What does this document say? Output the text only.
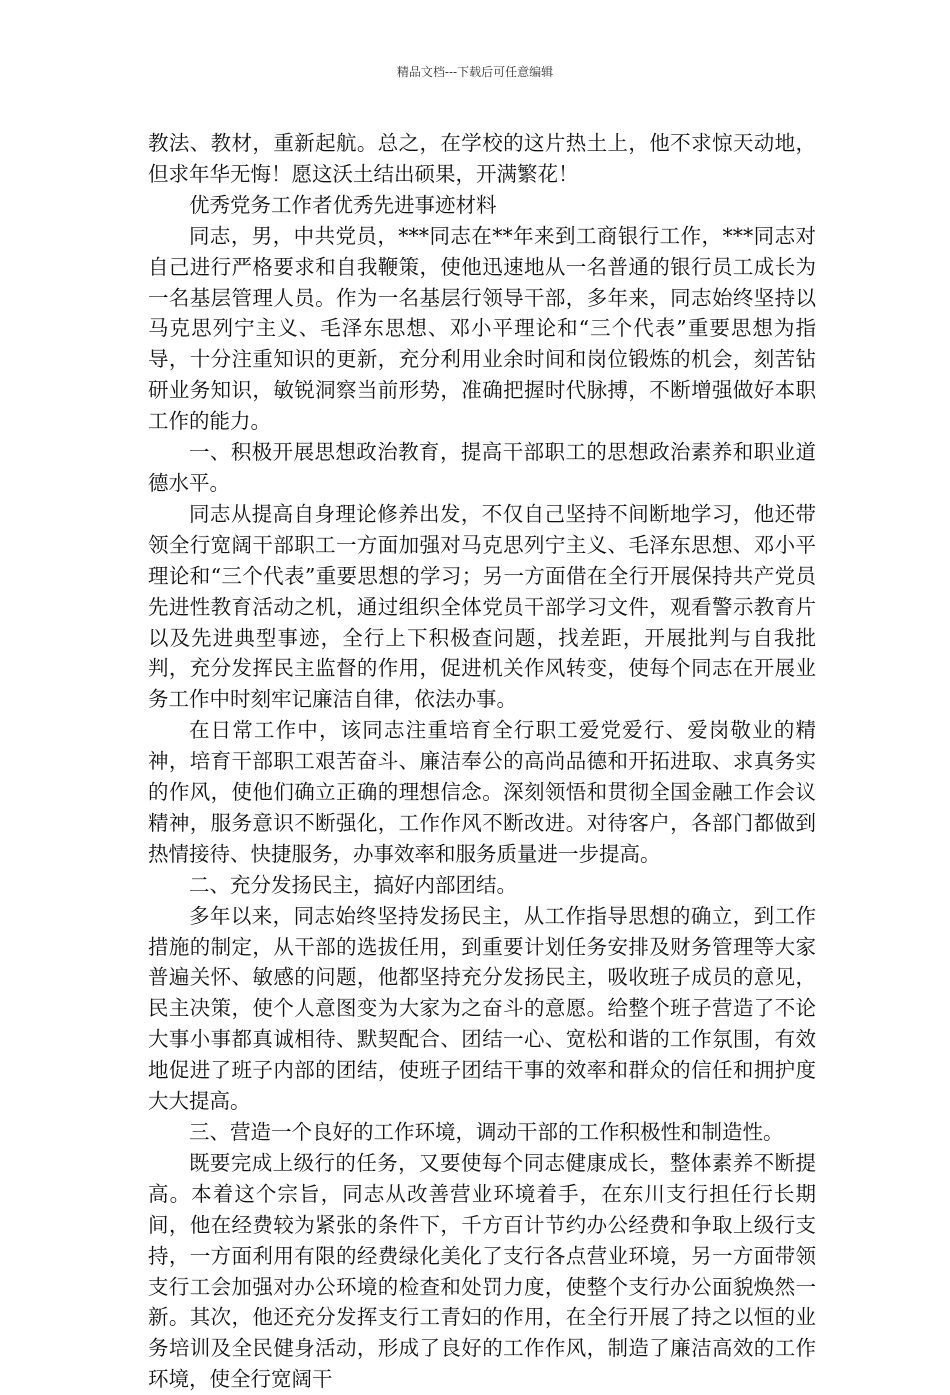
精品文档---下载后可任意编辑

教法、教材，重新起航。总之，在学校的这片热土上，他不求惊天动地，但求年华无悔！愿这沃土结出硕果，开满繁花！

优秀党务工作者优秀先进事迹材料

同志，男，中共党员，***同志在**年来到工商银行工作，***同志对自己进行严格要求和自我鞭策，使他迅速地从一名普通的银行员工成长为一名基层管理人员。作为一名基层行领导干部，多年来，同志始终坚持以马克思列宁主义、毛泽东思想、邓小平理论和“三个代表”重要思想为指导，十分注重知识的更新，充分利用业余时间和岗位锻炼的机会，刻苦钻研业务知识，敏锐洞察当前形势，准确把握时代脉搏，不断增强做好本职工作的能力。

一、积极开展思想政治教育，提高干部职工的思想政治素养和职业道德水平。

同志从提高自身理论修养出发，不仅自己坚持不间断地学习，他还带领全行宽阔干部职工一方面加强对马克思列宁主义、毛泽东思想、邓小平理论和“三个代表”重要思想的学习；另一方面借在全行开展保持共产党员先进性教育活动之机，通过组织全体党员干部学习文件，观看警示教育片以及先进典型事迹，全行上下积极查问题，找差距，开展批判与自我批判，充分发挥民主监督的作用，促进机关作风转变，使每个同志在开展业务工作中时刻牢记廉洁自律，依法办事。

在日常工作中，该同志注重培育全行职工爱党爱行、爱岗敬业的精神，培育干部职工艰苦奋斗、廉洁奉公的高尚品德和开拓进取、求真务实的作风，使他们确立正确的理想信念。深刻领悟和贯彻全国金融工作会议精神，服务意识不断强化，工作作风不断改进。对待客户，各部门都做到热情接待、快捷服务，办事效率和服务质量进一步提高。

二、充分发扬民主，搞好内部团结。

多年以来，同志始终坚持发扬民主，从工作指导思想的确立，到工作措施的制定，从干部的选拔任用，到重要计划任务安排及财务管理等大家普遍关怀、敏感的问题，他都坚持充分发扬民主，吸收班子成员的意见，民主决策，使个人意图变为大家为之奋斗的意愿。给整个班子营造了不论大事小事都真诚相待、默契配合、团结一心、宽松和谐的工作氛围，有效地促进了班子内部的团结，使班子团结干事的效率和群众的信任和拥护度大大提高。

三、营造一个良好的工作环境，调动干部的工作积极性和制造性。

既要完成上级行的任务，又要使每个同志健康成长，整体素养不断提高。本着这个宗旨，同志从改善营业环境着手，在东川支行担任行长期间，他在经费较为紧张的条件下，千方百计节约办公经费和争取上级行支持，一方面利用有限的经费绿化美化了支行各点营业环境，另一方面带领支行工会加强对办公环境的检查和处罚力度，使整个支行办公面貌焕然一新。其次，他还充分发挥支行工青妇的作用，在全行开展了持之以恒的业务培训及全民健身活动，形成了良好的工作作风，制造了廉洁高效的工作环境，使全行宽阔干
